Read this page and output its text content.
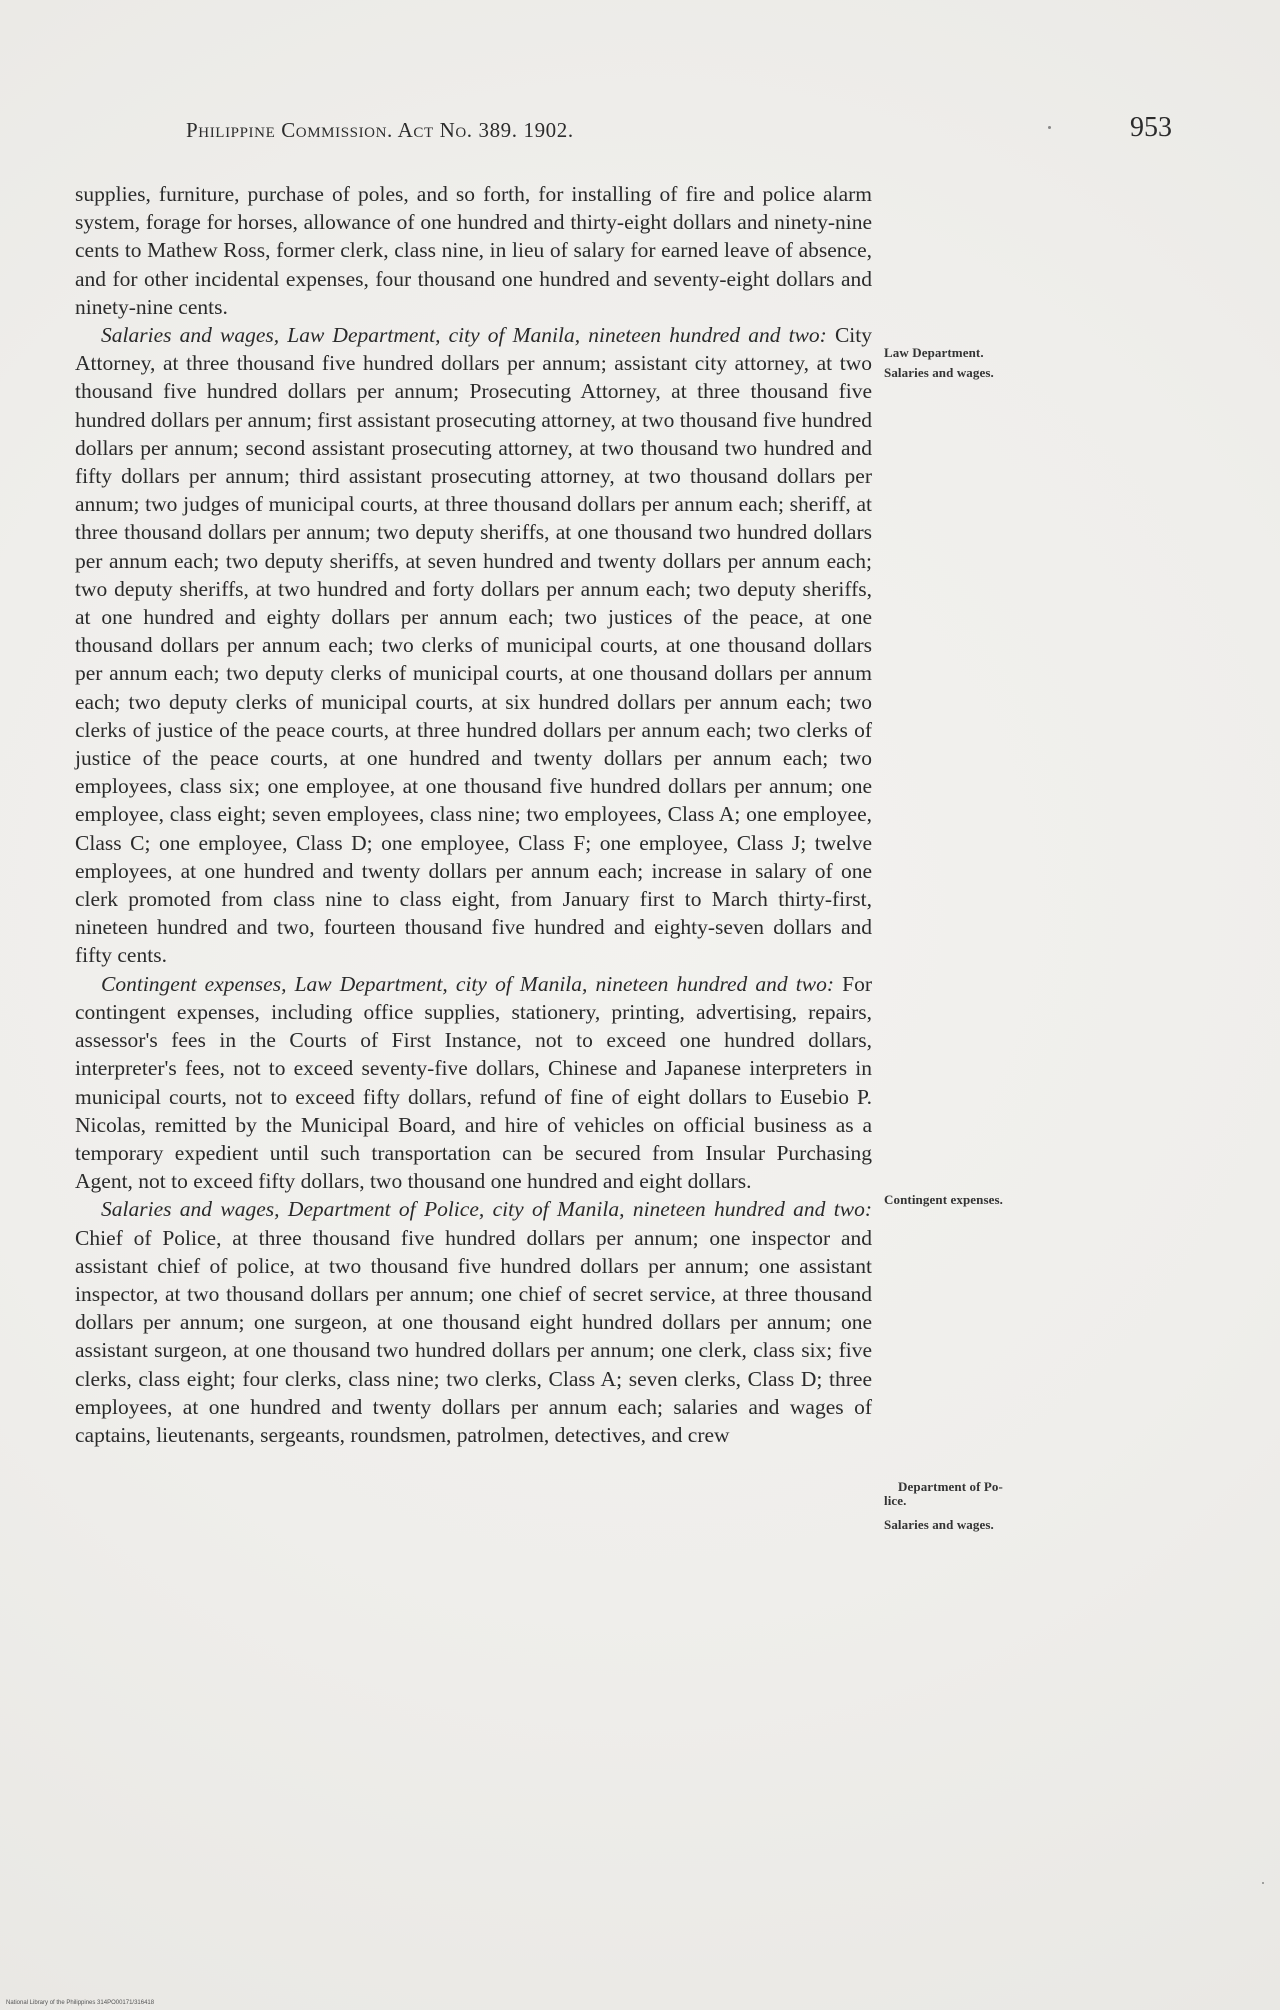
Philippine Commission. Act No. 389. 1902.	953

supplies, furniture, purchase of poles, and so forth, for installing of fire and police alarm system, forage for horses, allowance of one hundred and thirty-eight dollars and ninety-nine cents to Mathew Ross, former clerk, class nine, in lieu of salary for earned leave of absence, and for other incidental expenses, four thousand one hundred and seventy-eight dollars and ninety-nine cents.

Salaries and wages, Law Department, city of Manila, nineteen hundred and two: City Attorney, at three thousand five hundred dollars per annum; assistant city attorney, at two thousand five hundred dollars per annum; Prosecuting Attorney, at three thousand five hundred dollars per annum; first assistant prosecuting attorney, at two thousand five hundred dollars per annum; second assistant prosecuting attorney, at two thousand two hundred and fifty dollars per annum; third assistant prosecuting attorney, at two thousand dollars per annum; two judges of municipal courts, at three thousand dollars per annum each; sheriff, at three thousand dollars per annum; two deputy sheriffs, at one thousand two hundred dollars per annum each; two deputy sheriffs, at seven hundred and twenty dollars per annum each; two deputy sheriffs, at two hundred and forty dollars per annum each; two deputy sheriffs, at one hundred and eighty dollars per annum each; two justices of the peace, at one thousand dollars per annum each; two clerks of municipal courts, at one thousand dollars per annum each; two deputy clerks of municipal courts, at one thousand dollars per annum each; two deputy clerks of municipal courts, at six hundred dollars per annum each; two clerks of justice of the peace courts, at three hundred dollars per annum each; two clerks of justice of the peace courts, at one hundred and twenty dollars per annum each; two employees, class six; one employee, at one thousand five hundred dollars per annum; one employee, class eight; seven employees, class nine; two employees, Class A; one employee, Class C; one employee, Class D; one employee, Class F; one employee, Class J; twelve employees, at one hundred and twenty dollars per annum each; increase in salary of one clerk promoted from class nine to class eight, from January first to March thirty-first, nineteen hundred and two, fourteen thousand five hundred and eighty-seven dollars and fifty cents.

Contingent expenses, Law Department, city of Manila, nineteen hundred and two: For contingent expenses, including office supplies, stationery, printing, advertising, repairs, assessor's fees in the Courts of First Instance, not to exceed one hundred dollars, interpreter's fees, not to exceed seventy-five dollars, Chinese and Japanese interpreters in municipal courts, not to exceed fifty dollars, refund of fine of eight dollars to Eusebio P. Nicolas, remitted by the Municipal Board, and hire of vehicles on official business as a temporary expedient until such transportation can be secured from Insular Purchasing Agent, not to exceed fifty dollars, two thousand one hundred and eight dollars.

Salaries and wages, Department of Police, city of Manila, nineteen hundred and two: Chief of Police, at three thousand five hundred dollars per annum; one inspector and assistant chief of police, at two thousand five hundred dollars per annum; one assistant inspector, at two thousand dollars per annum; one chief of secret service, at three thousand dollars per annum; one surgeon, at one thousand eight hundred dollars per annum; one assistant surgeon, at one thousand two hundred dollars per annum; one clerk, class six; five clerks, class eight; four clerks, class nine; two clerks, Class A; seven clerks, Class D; three employees, at one hundred and twenty dollars per annum each; salaries and wages of captains, lieutenants, sergeants, roundsmen, patrolmen, detectives, and crew

Law Department.
Salaries and wages.
Contingent expenses.
Department of Po-
lice.
Salaries and wages.
National Library of the Philippines 314PO00171/316418
